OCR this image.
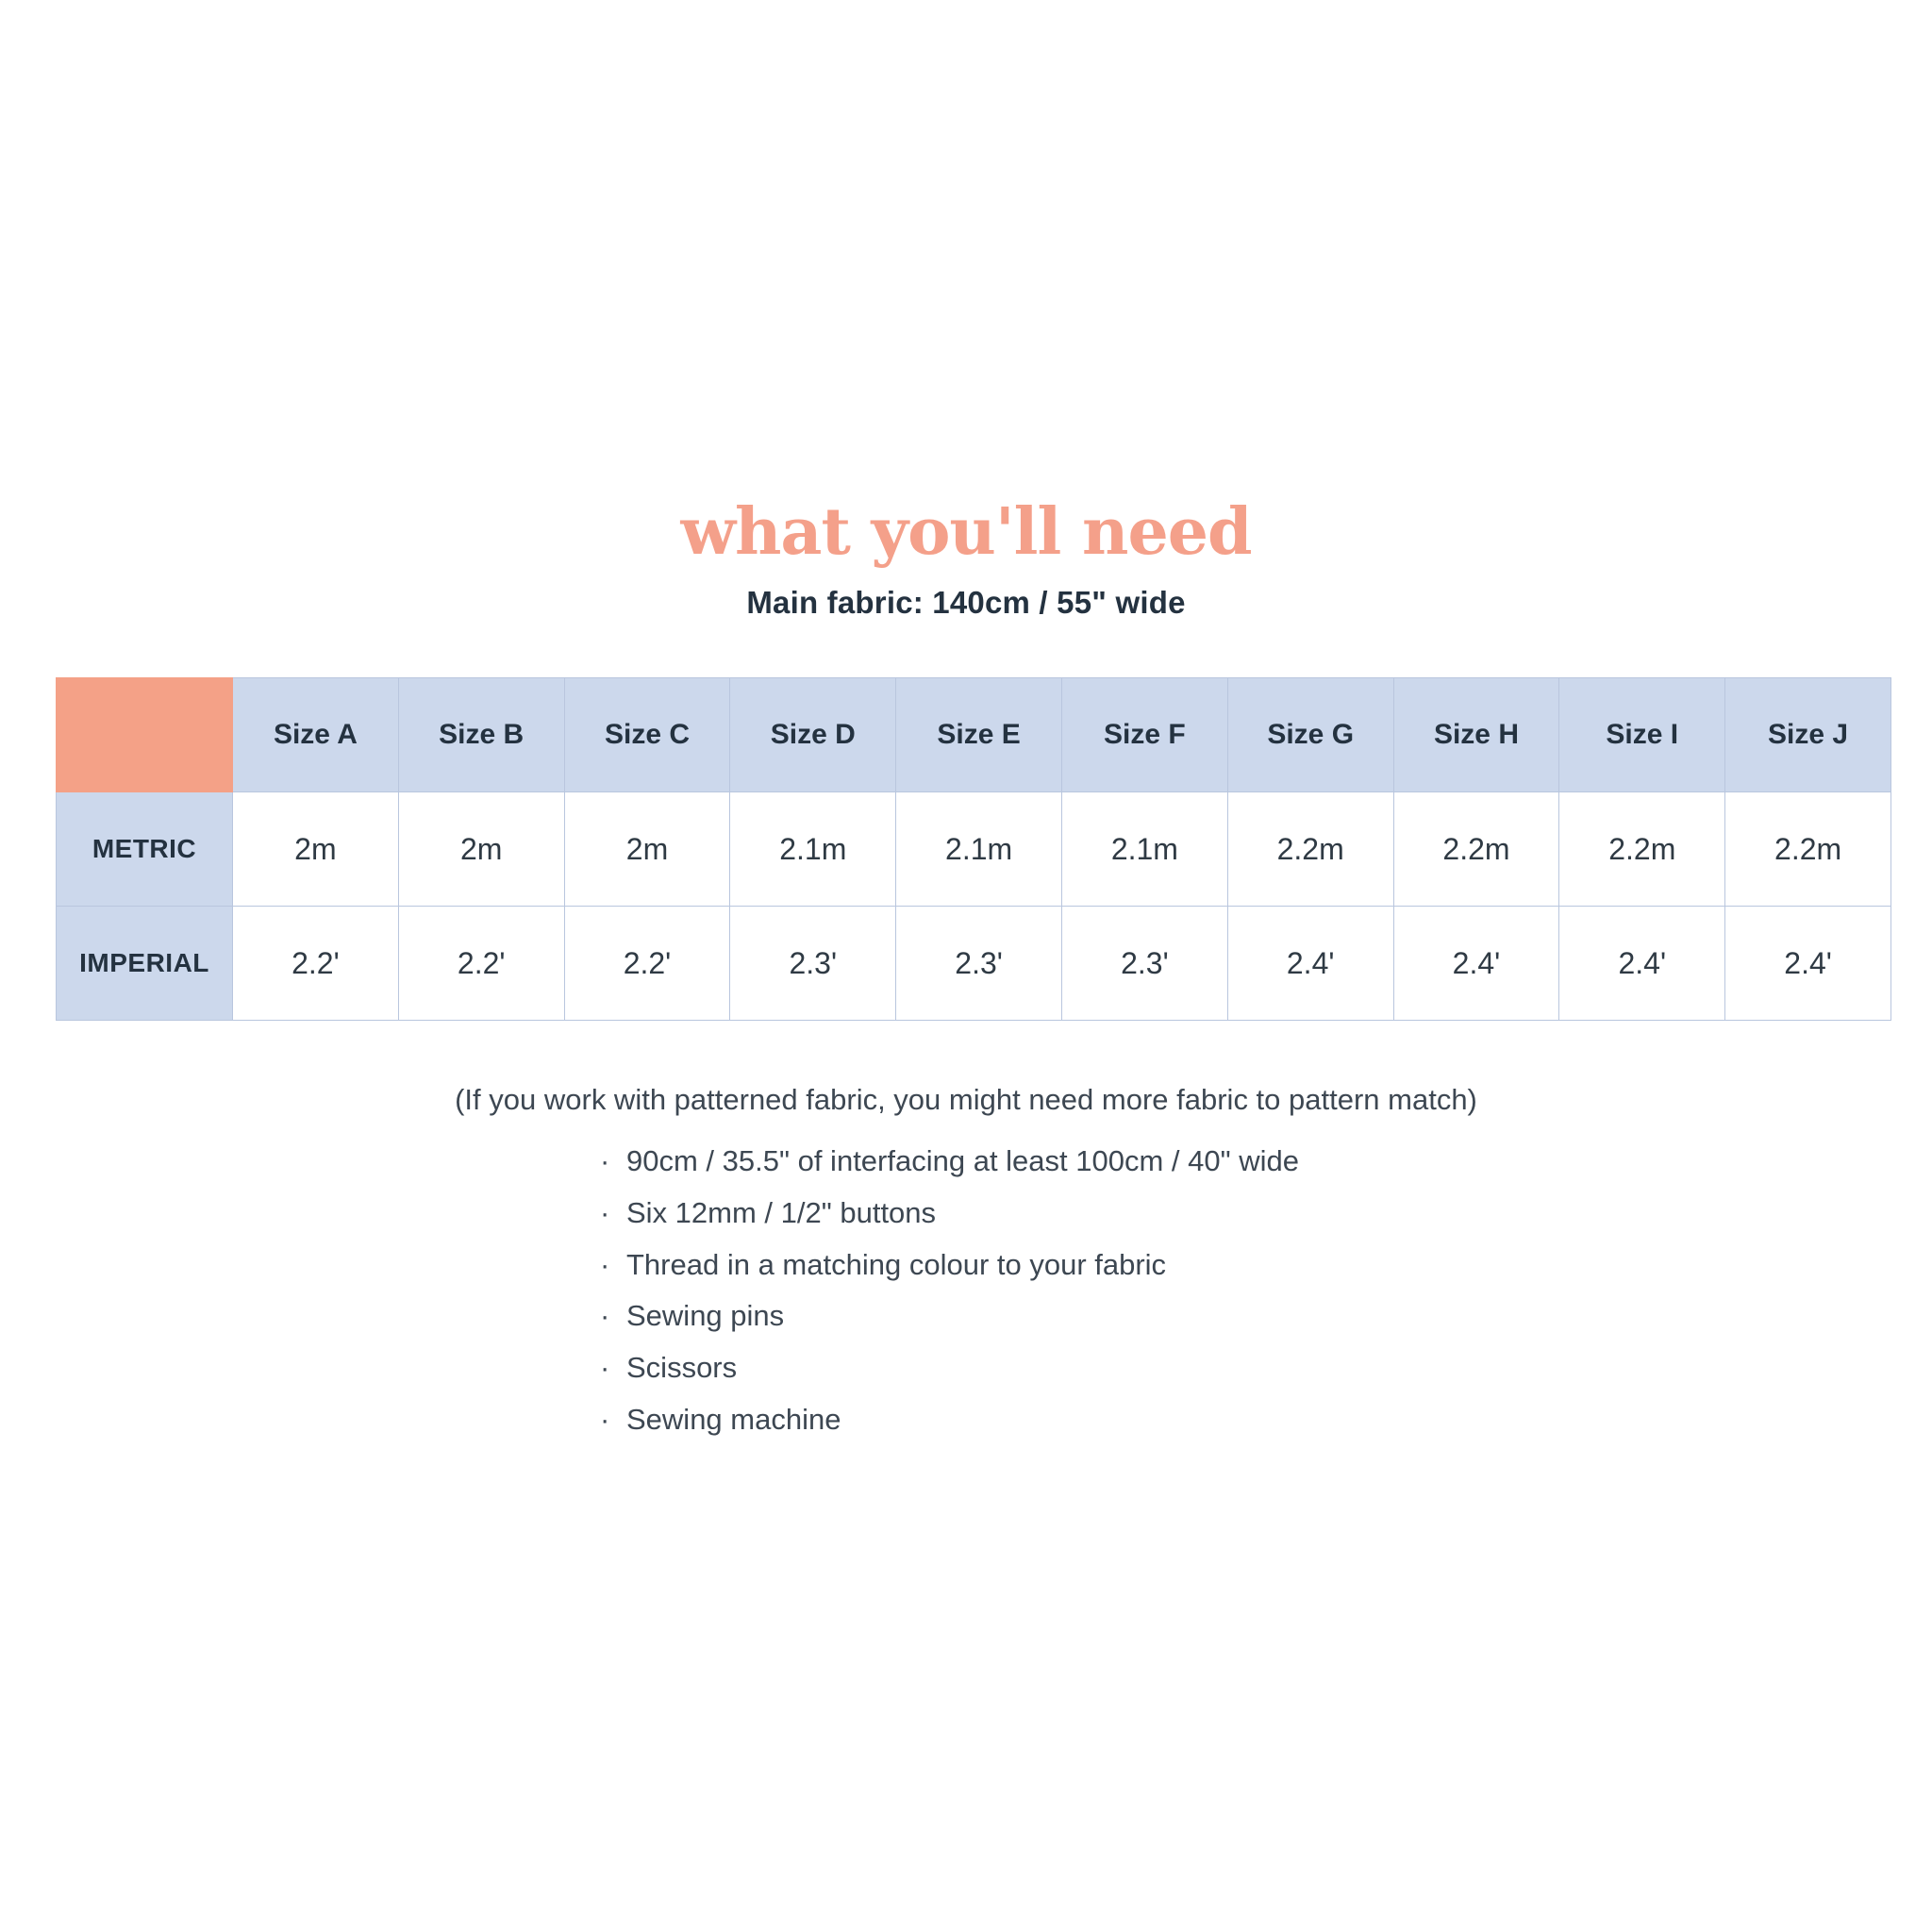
what you'll need
Main fabric: 140cm / 55" wide
	Size A	Size B	Size C	Size D	Size E	Size F	Size G	Size H	Size I	Size J
METRIC	2m	2m	2m	2.1m	2.1m	2.1m	2.2m	2.2m	2.2m	2.2m
IMPERIAL	2.2'	2.2'	2.2'	2.3'	2.3'	2.3'	2.4'	2.4'	2.4'	2.4'
(If you work with patterned fabric, you might need more fabric to pattern match)
· 90cm / 35.5" of interfacing at least 100cm / 40" wide
· Six 12mm / 1/2" buttons
· Thread in a matching colour to your fabric
· Sewing pins
· Scissors
· Sewing machine
